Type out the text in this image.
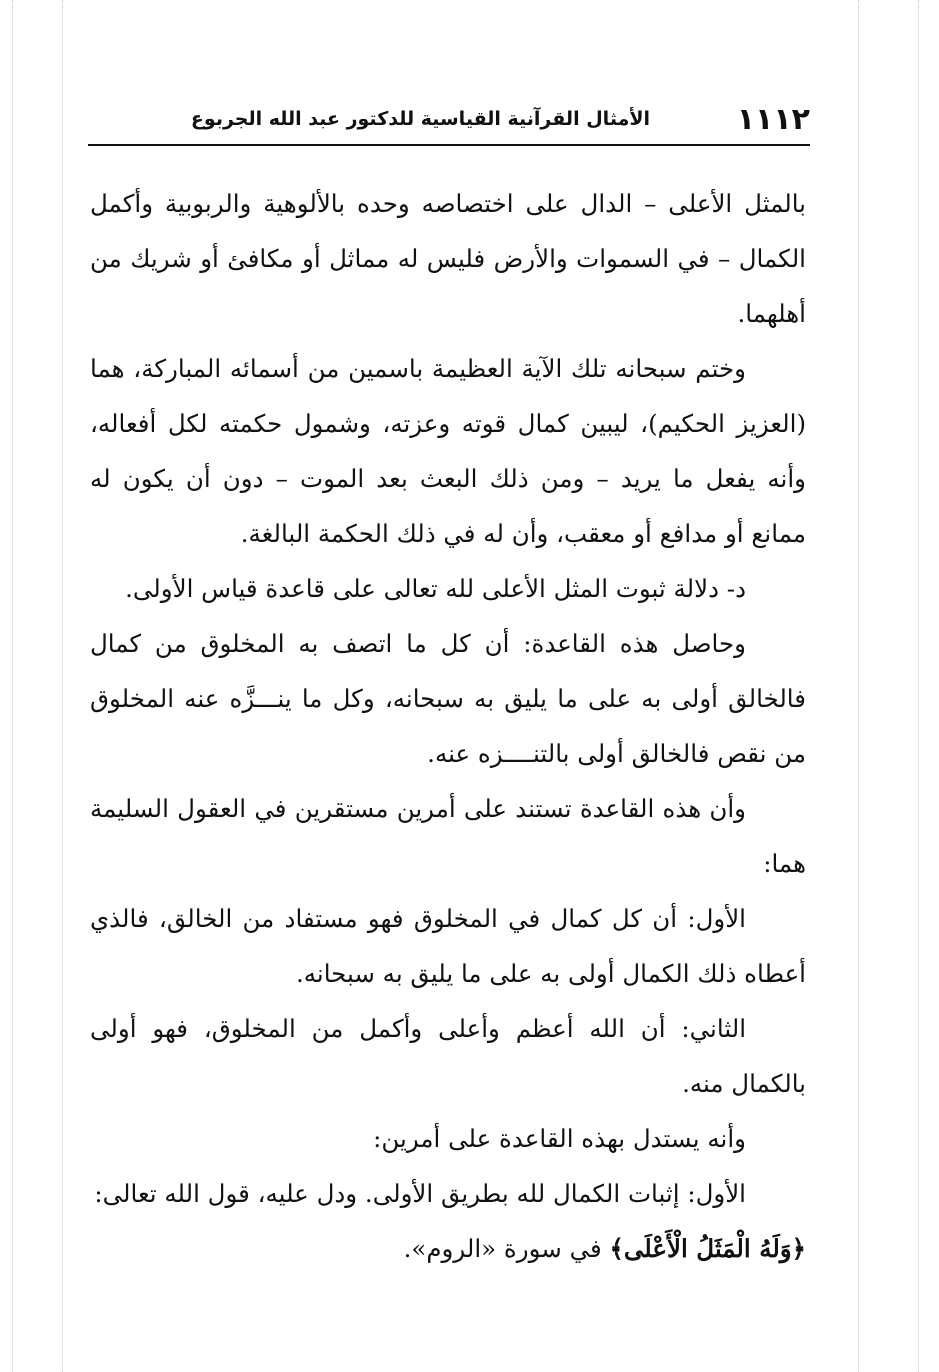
١١١٢
الأمثال القرآنية القياسية للدكتور عبد الله الجربوع

بالمثل الأعلى – الدال على اختصاصه وحده بالألوهية والربوبية وأكمل الكمال – في السموات والأرض فليس له مماثل أو مكافئ أو شريك من أهلهما.

وختم سبحانه تلك الآية العظيمة باسمين من أسمائه المباركة، هما (العزيز الحكيم)، ليبين كمال قوته وعزته، وشمول حكمته لكل أفعاله، وأنه يفعل ما يريد – ومن ذلك البعث بعد الموت – دون أن يكون له ممانع أو مدافع أو معقب، وأن له في ذلك الحكمة البالغة.

د- دلالة ثبوت المثل الأعلى لله تعالى على قاعدة قياس الأولى.

وحاصل هذه القاعدة: أن كل ما اتصف به المخلوق من كمال فالخالق أولى به على ما يليق به سبحانه، وكل ما ينـــزَّه عنه المخلوق من نقص فالخالق أولى بالتنــــزه عنه.

وأن هذه القاعدة تستند على أمرين مستقرين في العقول السليمة هما:

الأول: أن كل كمال في المخلوق فهو مستفاد من الخالق، فالذي أعطاه ذلك الكمال أولى به على ما يليق به سبحانه.

الثاني: أن الله أعظم وأعلى وأكمل من المخلوق، فهو أولى بالكمال منه.

وأنه يستدل بهذه القاعدة على أمرين:

الأول: إثبات الكمال لله بطريق الأولى. ودل عليه، قول الله تعالى:

﴿وَلَهُ الْمَثَلُ الْأَعْلَى﴾ في سورة «الروم».
